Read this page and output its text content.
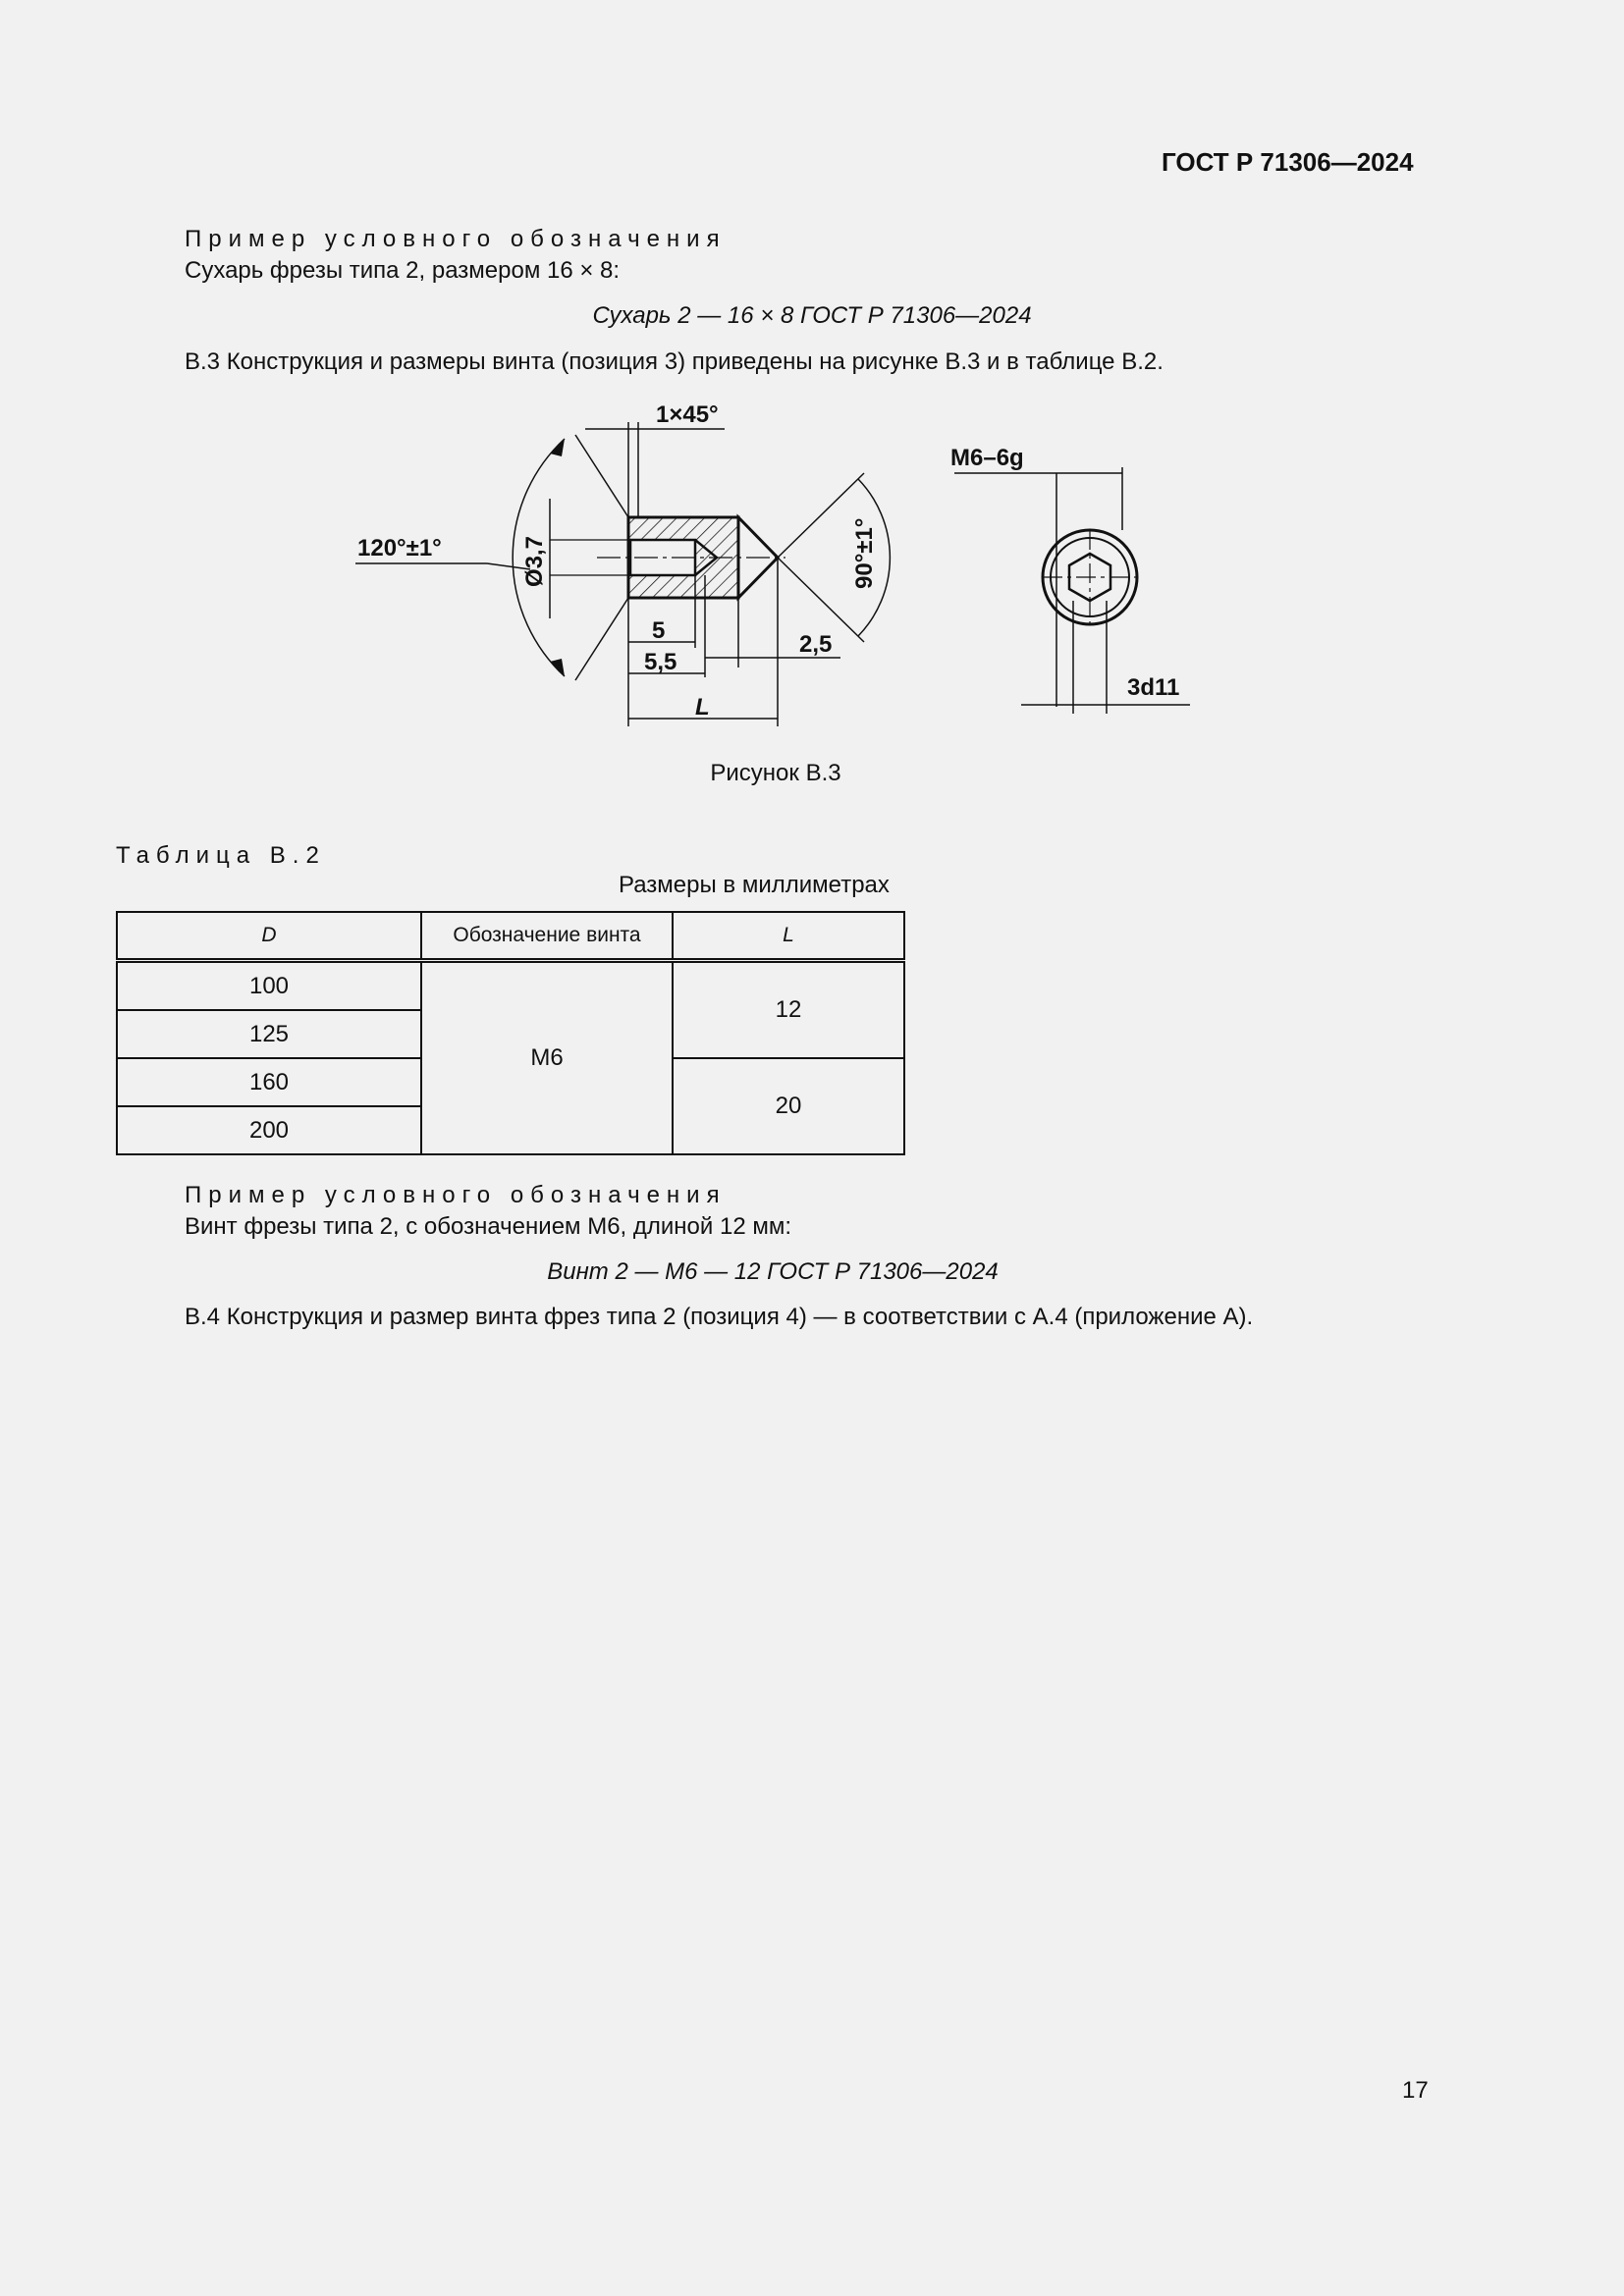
ГОСТ Р 71306—2024
Пример условного обозначения
Сухарь фрезы типа 2, размером 16 × 8:
Сухарь 2 — 16 × 8 ГОСТ Р 71306—2024
В.3 Конструкция и размеры винта (позиция 3) приведены на рисунке В.3 и в таблице В.2.
1×45°
120°±1°	Ø3,7	90°±1°
5
5,5
2,5
L
M6–6g
3d11
Рисунок В.3
Таблица В.2
Размеры в миллиметрах
D	Обозначение винта	L
100	M6	12
125		
160		20
200		
Пример условного обозначения
Винт фрезы типа 2, с обозначением M6, длиной 12 мм:
Винт 2 — M6 — 12 ГОСТ Р 71306—2024
В.4 Конструкция и размер винта фрез типа 2 (позиция 4) — в соответствии с А.4 (приложение А).
17
